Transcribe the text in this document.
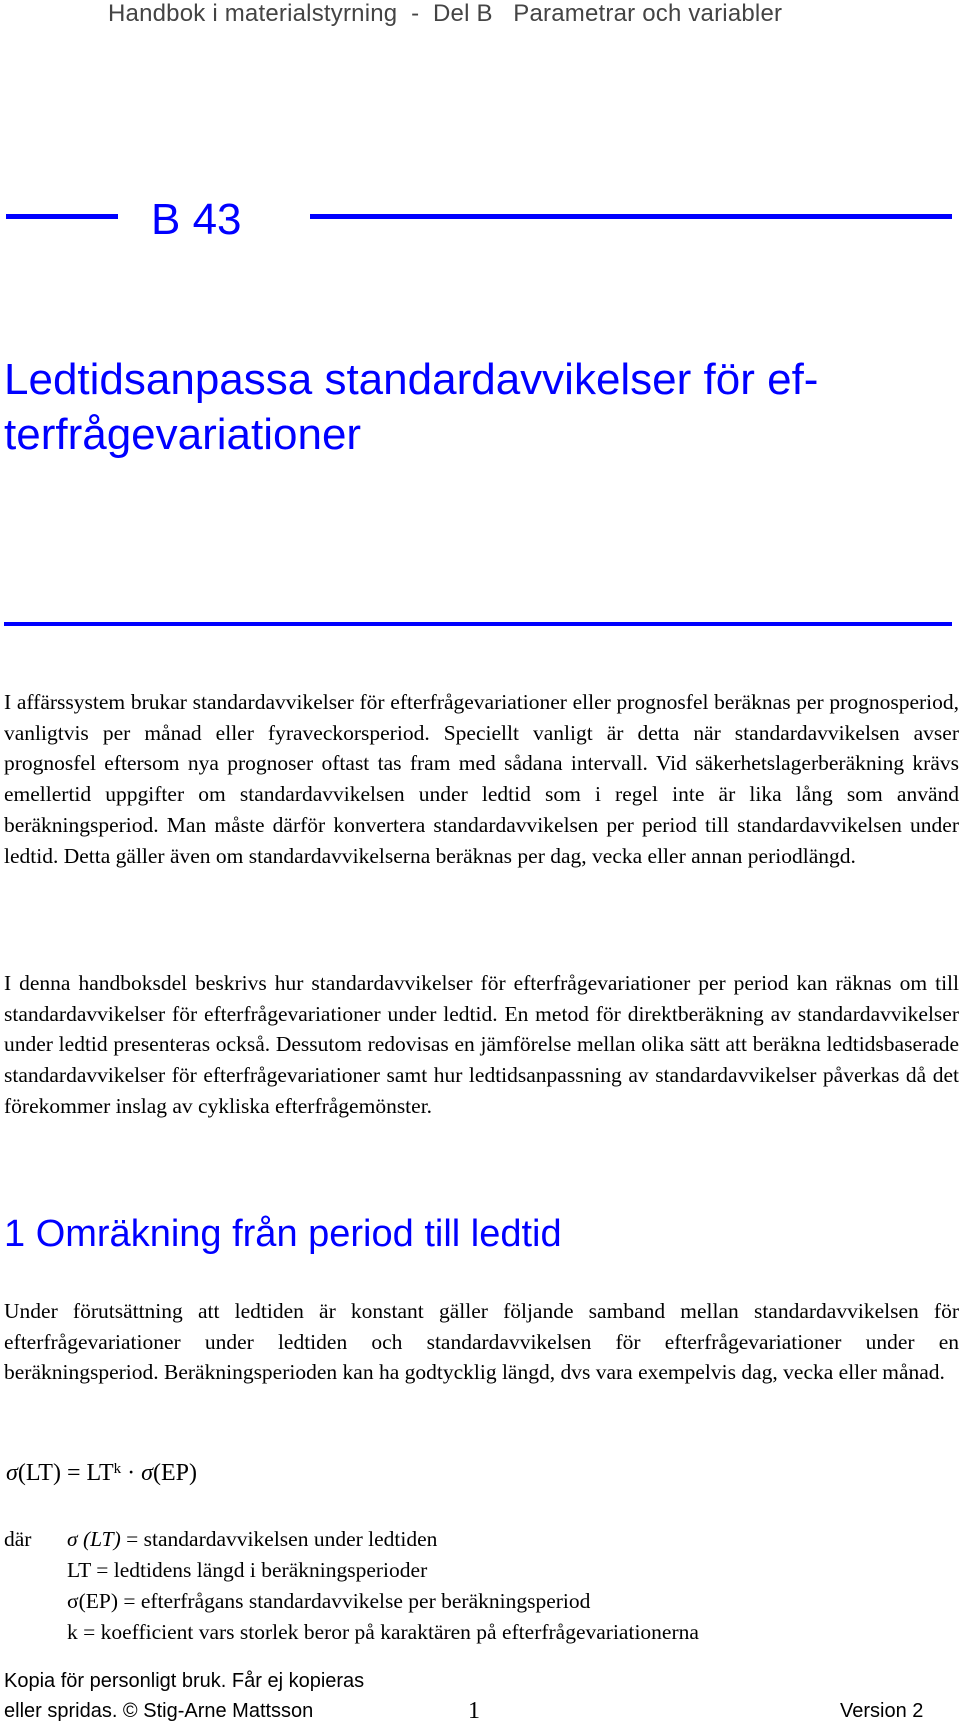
Handbok i materialstyrning  -  Del B   Parametrar och variabler
B 43
Ledtidsanpassa standardavvikelser för ef-
terfrågevariationer

I affärssystem brukar standardavvikelser för efterfrågevariationer eller prognosfel beräknas per prognosperiod, vanligtvis per månad eller fyraveckorsperiod. Speciellt vanligt är detta när standardavvikelsen avser prognosfel eftersom nya prognoser oftast tas fram med sådana intervall. Vid säkerhetslagerberäkning krävs emellertid uppgifter om standardavvikelsen under ledtid som i regel inte är lika lång som använd beräkningsperiod. Man måste därför konvertera standardavvikelsen per period till standardavvikelsen under ledtid. Detta gäller även om standardavvikelserna beräknas per dag, vecka eller annan periodlängd.

I denna handboksdel beskrivs hur standardavvikelser för efterfrågevariationer per period kan räknas om till standardavvikelser för efterfrågevariationer under ledtid. En metod för direktberäkning av standardavvikelser under ledtid presenteras också. Dessutom redovisas en jämförelse mellan olika sätt att beräkna ledtidsbaserade standardavvikelser för efterfrågevariationer samt hur ledtidsanpassning av standardavvikelser påverkas då det förekommer inslag av cykliska efterfrågemönster.

1 Omräkning från period till ledtid

Under förutsättning att ledtiden är konstant gäller följande samband mellan standardavvikelsen för efterfrågevariationer under ledtiden och standardavvikelsen för efterfrågevariationer under en beräkningsperiod. Beräkningsperioden kan ha godtycklig längd, dvs vara exempelvis dag, vecka eller månad.

$\sigma(LT) = LT^k \cdot \sigma(EP)$
där σ (LT) = standardavvikelsen under ledtiden
LT = ledtidens längd i beräkningsperioder
σ(EP) = efterfrågans standardavvikelse per beräkningsperiod
k = koefficient vars storlek beror på karaktären på efterfrågevariationerna
Kopia för personligt bruk. Får ej kopieras
eller spridas. © Stig-Arne Mattsson	1	Version 2
